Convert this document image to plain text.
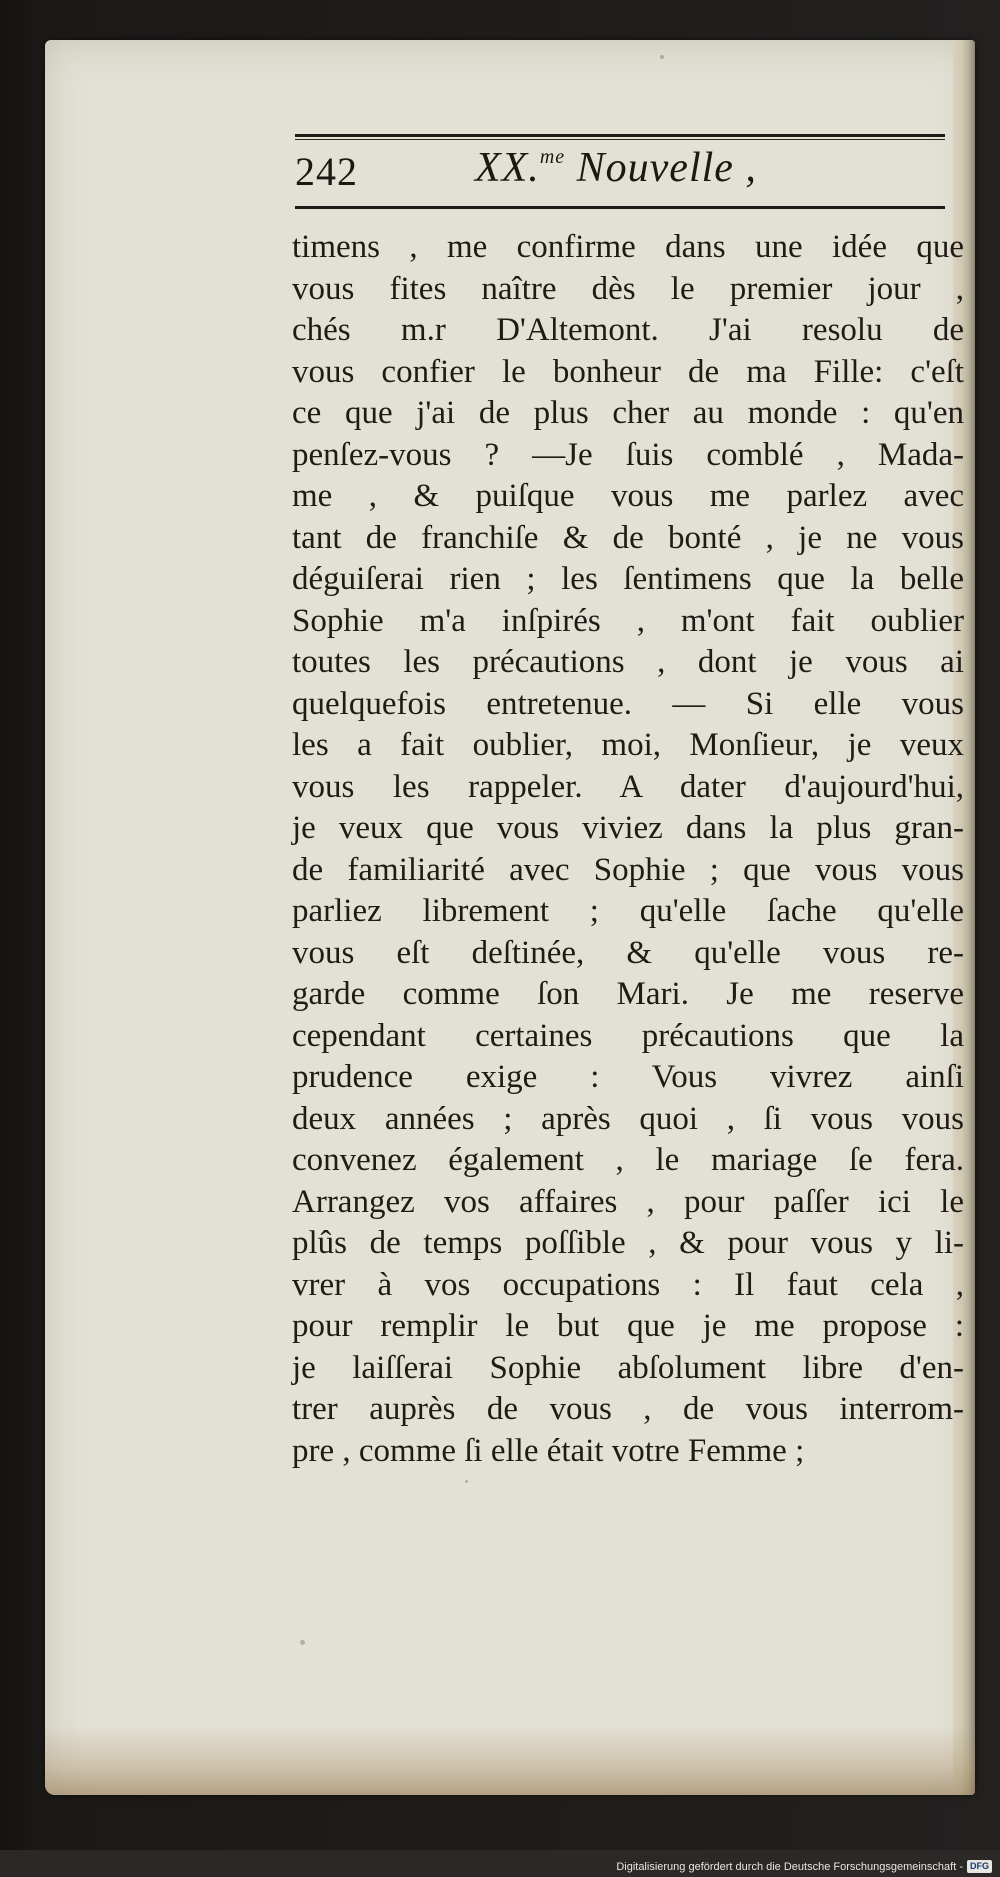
242	XX.$^{me}$ Nouvelle ,
timens , me confirme dans une idée que
vous fites naître dès le premier jour ,
chés m.r D'Altemont. J'ai resolu de
vous confier le bonheur de ma Fille: c'eſt
ce que j'ai de plus cher au monde : qu'en
penſez-vous ? —Je ſuis comblé , Mada-
me , & puiſque vous me parlez avec
tant de franchiſe & de bonté , je ne vous
déguiſerai rien ; les ſentimens que la belle
Sophie m'a inſpirés , m'ont fait oublier
toutes les précautions , dont je vous ai
quelquefois entretenue. — Si elle vous
les a fait oublier, moi, Monſieur, je veux
vous les rappeler. A dater d'aujourd'hui,
je veux que vous viviez dans la plus gran-
de familiarité avec Sophie ; que vous vous
parliez librement ; qu'elle ſache qu'elle
vous eſt deſtinée, & qu'elle vous re-
garde comme ſon Mari. Je me reserve
cependant certaines précautions que la
prudence exige : Vous vivrez ainſi
deux années ; après quoi , ſi vous vous
convenez également , le mariage ſe fera.
Arrangez vos affaires , pour paſſer ici le
plûs de temps poſſible , & pour vous y li-
vrer à vos occupations : Il faut cela ,
pour remplir le but que je me propose :
je laiſſerai Sophie abſolument libre d'en-
trer auprès de vous , de vous interrom-
pre , comme ſi elle était votre Femme ;
Digitalisierung gefördert durch die Deutsche Forschungsgemeinschaft - DFG
